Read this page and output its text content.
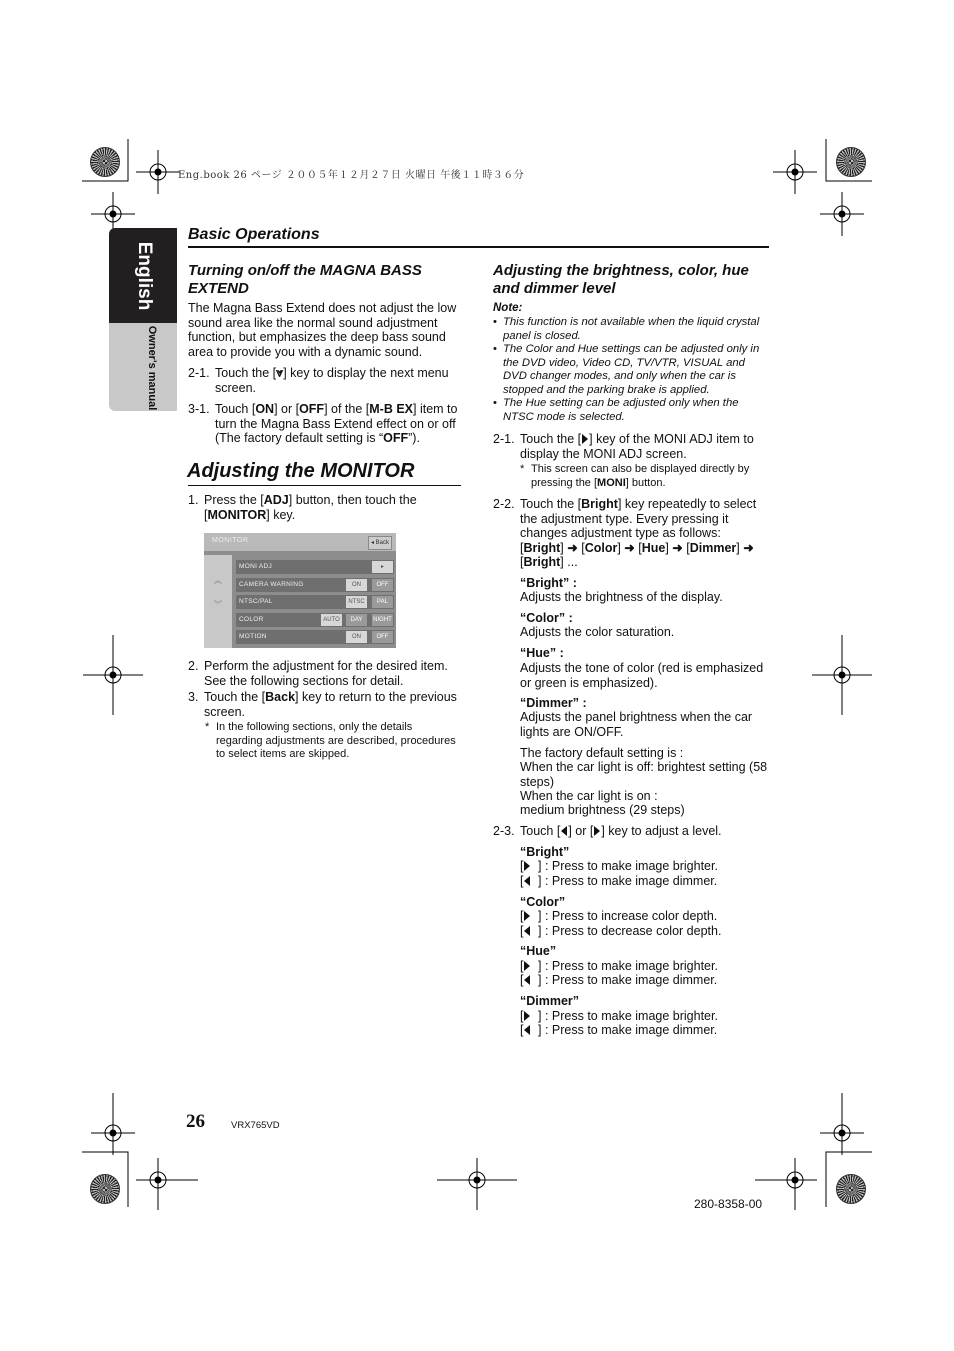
Eng.book 26 ページ ２００５年１２月２７日 火曜日 午後１１時３６分
English
Owner's manual
Basic Operations
Turning on/off the MAGNA BASS EXTEND

The Magna Bass Extend does not adjust the low sound area like the normal sound adjustment function, but emphasizes the deep bass sound area to provide you with a dynamic sound.

2-1. Touch the [⩔] key to display the next menu screen.
3-1. Touch [ON] or [OFF] of the [M-B EX] item to turn the Magna Bass Extend effect on or off (The factory default setting is “OFF”).
Adjusting the MONITOR
1. Press the [ADJ] button, then touch the [MONITOR] key.
MONITOR	◂ Back
︽
︾
MONI ADJ	▸
CAMERA WARNING	ON	OFF
NTSC/PAL	NTSC	PAL
COLOR	AUTO	DAY	NIGHT
MOTION	ON	OFF
2. Perform the adjustment for the desired item. See the following sections for detail.
3. Touch the [Back] key to return to the previous screen.
* In the following sections, only the details regarding adjustments are described, procedures to select items are skipped.
Adjusting the brightness, color, hue and dimmer level
Note:
• This function is not available when the liquid crystal panel is closed.
• The Color and Hue settings can be adjusted only in the DVD video, Video CD, TV/VTR, VISUAL and DVD changer modes, and only when the car is stopped and the parking brake is applied.
• The Hue setting can be adjusted only when the NTSC mode is selected.
2-1. Touch the [ ] key of the MONI ADJ item to display the MONI ADJ screen.
* This screen can also be displayed directly by pressing the [MONI] button.
2-2. Touch the [Bright] key repeatedly to select the adjustment type. Every pressing it changes adjustment type as follows:
[Bright] ➜ [Color] ➜ [Hue] ➜ [Dimmer] ➜
[Bright] ...
“Bright” :
Adjusts the brightness of the display.
“Color” :
Adjusts the color saturation.
“Hue” :
Adjusts the tone of color (red is emphasized or green is emphasized).
“Dimmer” :
Adjusts the panel brightness when the car lights are ON/OFF.
The factory default setting is :
When the car light is off: brightest setting (58 steps)
When the car light is on :
medium brightness (29 steps)
2-3. Touch [ ] or [ ] key to adjust a level.
“Bright”
[	] : Press to make image brighter.
[	] : Press to make image dimmer.
“Color”
[	] : Press to increase color depth.
[	] : Press to decrease color depth.
“Hue”
[	] : Press to make image brighter.
[	] : Press to make image dimmer.
“Dimmer”
[	] : Press to make image brighter.
[	] : Press to make image dimmer.
26	VRX765VD
280-8358-00
